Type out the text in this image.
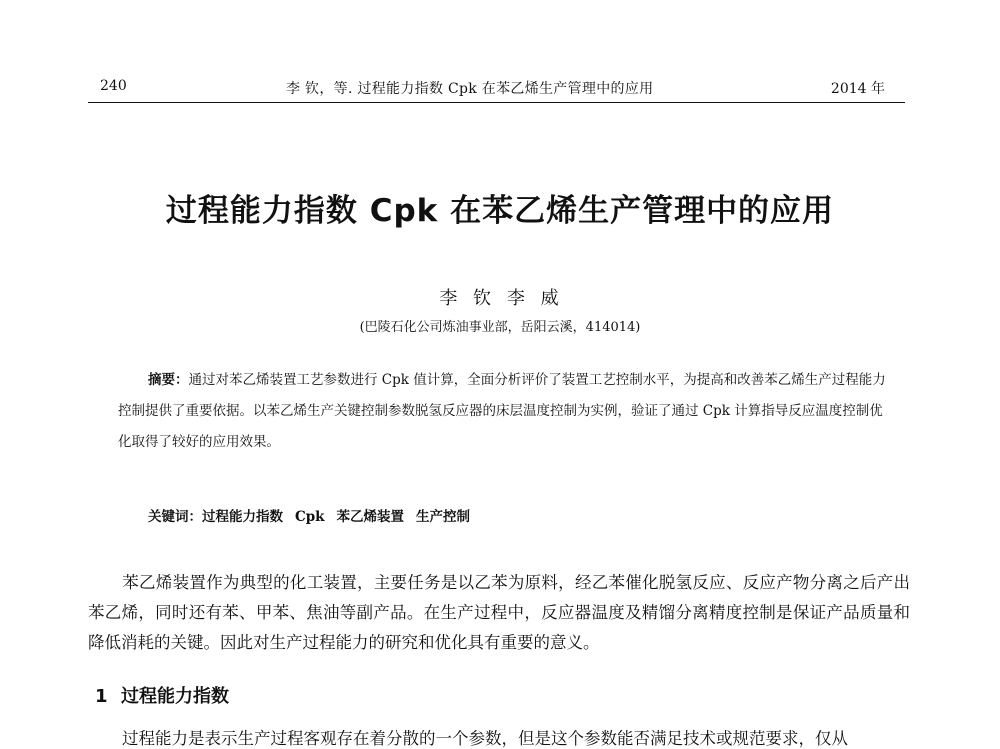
240	李 钦，等. 过程能力指数 Cpk 在苯乙烯生产管理中的应用	2014 年
过程能力指数 Cpk 在苯乙烯生产管理中的应用
李 钦 李 威
(巴陵石化公司炼油事业部，岳阳云溪，414014)
摘要：通过对苯乙烯装置工艺参数进行 Cpk 值计算，全面分析评价了装置工艺控制水平，为提高和改善苯乙烯生产过程能力控制提供了重要依据。以苯乙烯生产关键控制参数脱氢反应器的床层温度控制为实例，验证了通过 Cpk 计算指导反应温度控制优化取得了较好的应用效果。
关键词：过程能力指数 Cpk 苯乙烯装置 生产控制
苯乙烯装置作为典型的化工装置，主要任务是以乙苯为原料，经乙苯催化脱氢反应、反应产物分离之后产出苯乙烯，同时还有苯、甲苯、焦油等副产品。在生产过程中，反应器温度及精馏分离精度控制是保证产品质量和降低消耗的关键。因此对生产过程能力的研究和优化具有重要的意义。
1 过程能力指数
过程能力是表示生产过程客观存在着分散的一个参数，但是这个参数能否满足技术或规范要求，仅从
